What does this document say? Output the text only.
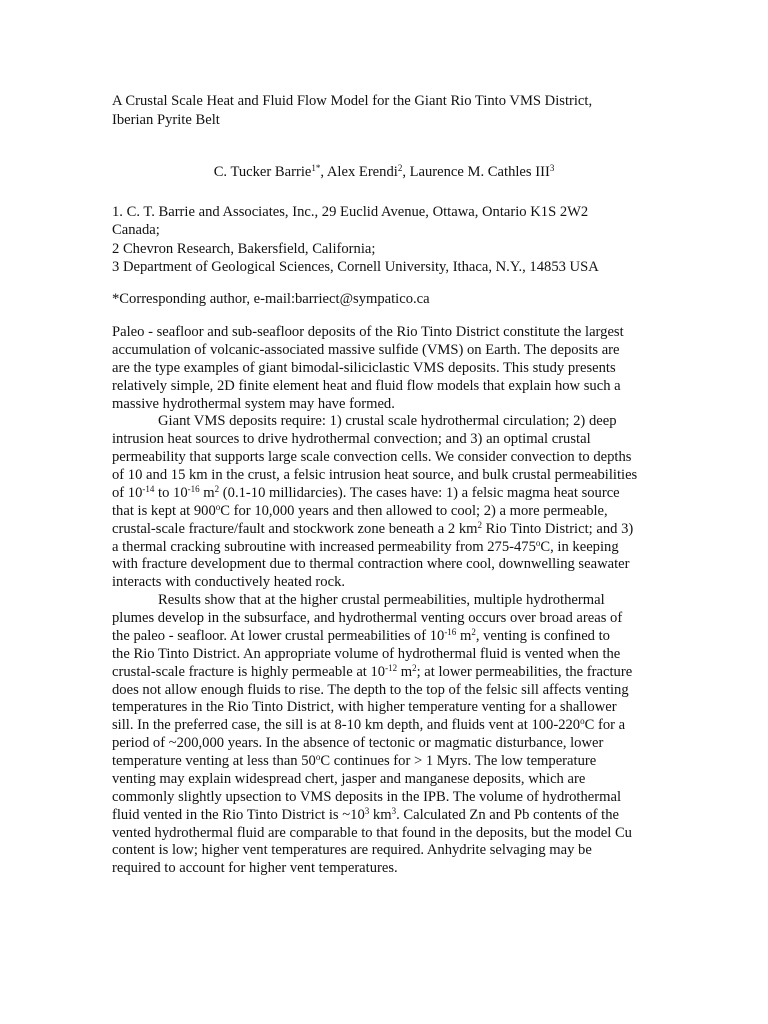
A Crustal Scale Heat and Fluid Flow Model for the Giant Rio Tinto VMS District,
Iberian Pyrite Belt
C. Tucker Barrie$^{1*}$, Alex Erendi$^2$, Laurence M. Cathles III$^3$
1. C. T. Barrie and Associates, Inc., 29 Euclid Avenue, Ottawa, Ontario K1S 2W2
Canada;
2 Chevron Research, Bakersfield, California;
3 Department of Geological Sciences, Cornell University, Ithaca, N.Y., 14853 USA
*Corresponding author, e-mail:barriect@sympatico.ca
Paleo - seafloor and sub-seafloor deposits of the Rio Tinto District constitute the largest
accumulation of volcanic-associated massive sulfide (VMS) on Earth. The deposits are
are the type examples of giant bimodal-siliciclastic VMS deposits. This study presents
relatively simple, 2D finite element heat and fluid flow models that explain how such a
massive hydrothermal system may have formed.
Giant VMS deposits require: 1) crustal scale hydrothermal circulation; 2) deep
intrusion heat sources to drive hydrothermal convection; and 3) an optimal crustal
permeability that supports large scale convection cells. We consider convection to depths
of 10 and 15 km in the crust, a felsic intrusion heat source, and bulk crustal permeabilities
of $10^{-14}$ to $10^{-16}$ $m^2$ (0.1-10 millidarcies). The cases have: 1) a felsic magma heat source
that is kept at 900$^o$C for 10,000 years and then allowed to cool; 2) a more permeable,
crustal-scale fracture/fault and stockwork zone beneath a 2 $km^2$ Rio Tinto District; and 3)
a thermal cracking subroutine with increased permeability from 275-475$^o$C, in keeping
with fracture development due to thermal contraction where cool, downwelling seawater
interacts with conductively heated rock.
Results show that at the higher crustal permeabilities, multiple hydrothermal
plumes develop in the subsurface, and hydrothermal venting occurs over broad areas of
the paleo - seafloor. At lower crustal permeabilities of $10^{-16}$ $m^2$, venting is confined to
the Rio Tinto District. An appropriate volume of hydrothermal fluid is vented when the
crustal-scale fracture is highly permeable at $10^{-12}$ $m^2$; at lower permeabilities, the fracture
does not allow enough fluids to rise. The depth to the top of the felsic sill affects venting
temperatures in the Rio Tinto District, with higher temperature venting for a shallower
sill. In the preferred case, the sill is at 8-10 km depth, and fluids vent at 100-220$^o$C for a
period of ~200,000 years. In the absence of tectonic or magmatic disturbance, lower
temperature venting at less than 50$^o$C continues for > 1 Myrs. The low temperature
venting may explain widespread chert, jasper and manganese deposits, which are
commonly slightly upsection to VMS deposits in the IPB. The volume of hydrothermal
fluid vented in the Rio Tinto District is $\sim 10^3$ $km^3$. Calculated Zn and Pb contents of the
vented hydrothermal fluid are comparable to that found in the deposits, but the model Cu
content is low; higher vent temperatures are required. Anhydrite selvaging may be
required to account for higher vent temperatures.
